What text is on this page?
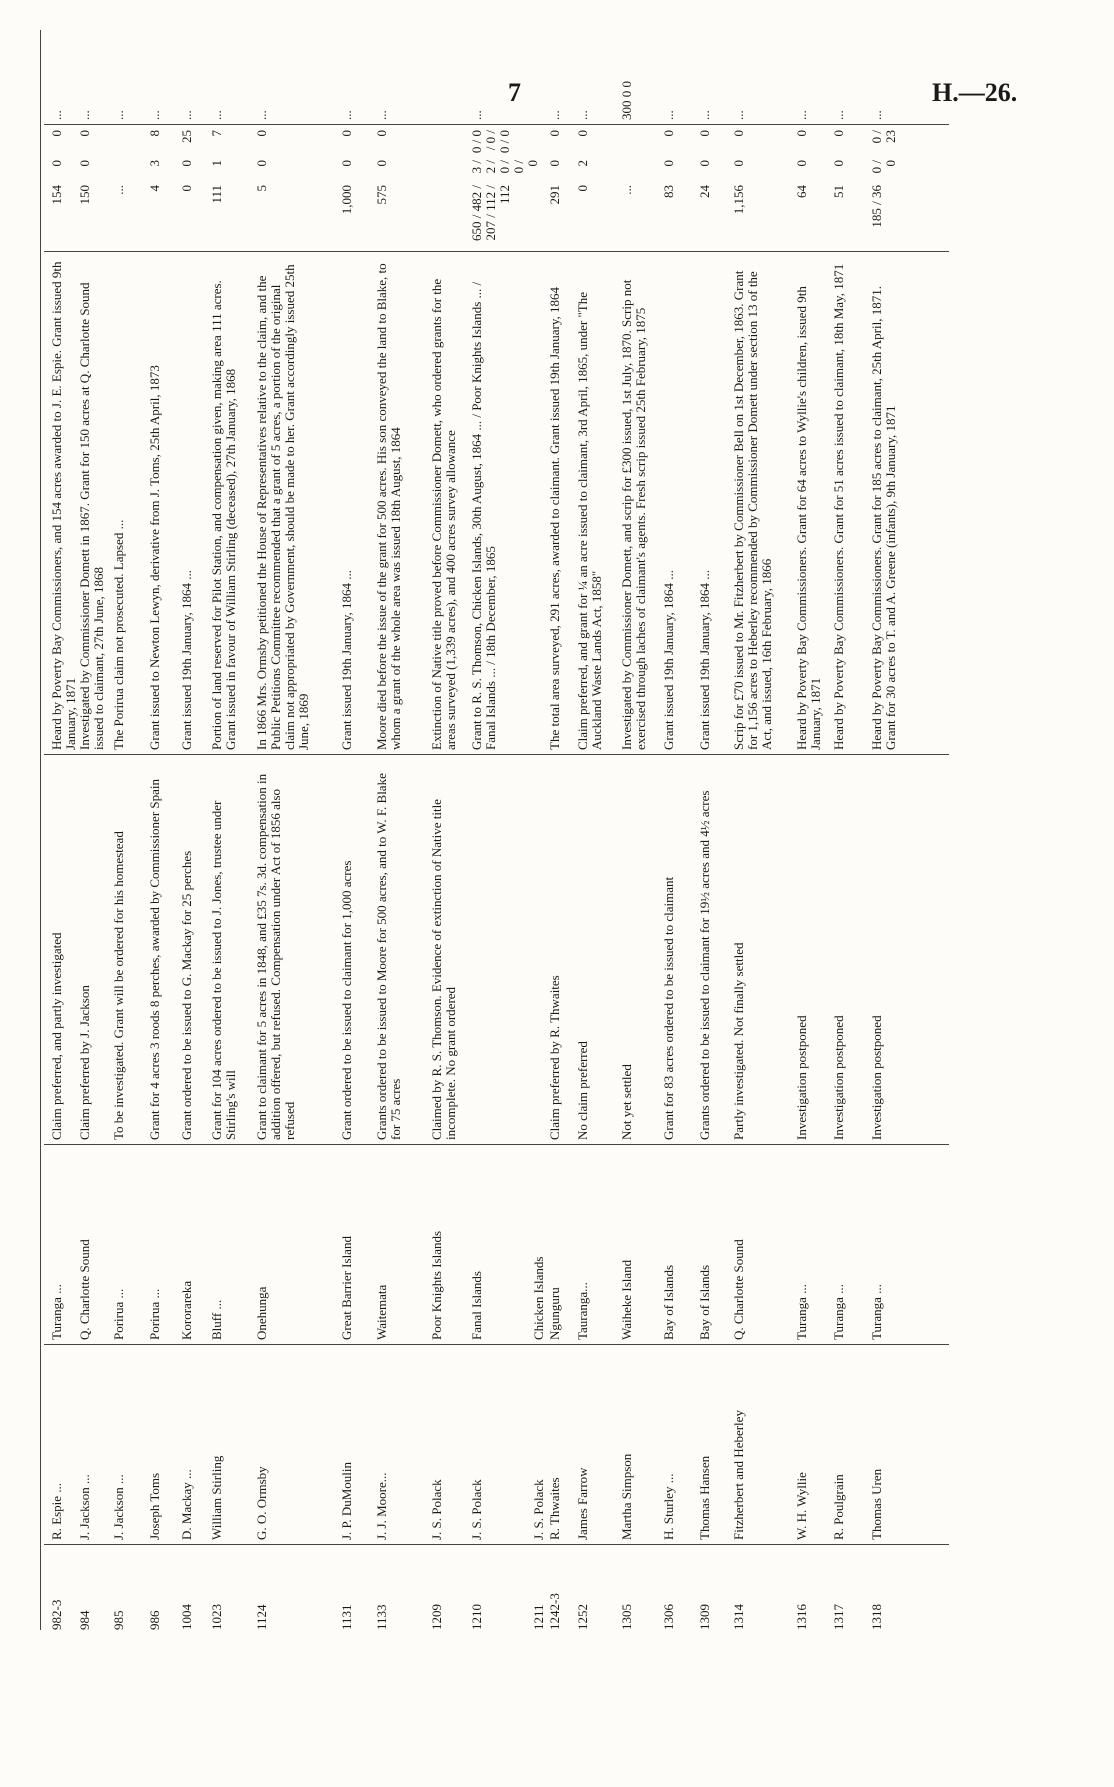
7	H.—26.
982-3
R. Espie ...
Turanga ...
Claim preferred, and partly investigated
Heard by Poverty Bay Commissioners, and 154 acres awarded to J. E. Espie. Grant issued 9th January, 1871
154
0
0
...
984
J. Jackson ...
Q. Charlotte Sound
Claim preferred by J. Jackson
Investigated by Commissioner Domett in 1867. Grant for 150 acres at Q. Charlotte Sound issued to claimant, 27th June, 1868
150
0
0
...
985
J. Jackson ...
Porirua ...
To be investigated. Grant will be ordered for his homestead
The Porirua claim not prosecuted. Lapsed ...
...
...
986
Joseph Toms
Porirua ...
Grant for 4 acres 3 roods 8 perches, awarded by Commissioner Spain
Grant issued to Newton Lewyn, derivative from J. Toms, 25th April, 1873
4
3
8
...
1004
D. Mackay ...
Kororareka
Grant ordered to be issued to G. Mackay for 25 perches
Grant issued 19th January, 1864 ...
0
0
25
...
1023
William Stirling
Bluff ...
Grant for 104 acres ordered to be issued to J. Jones, trustee under Stirling's will
Portion of land reserved for Pilot Station, and compensation given, making area 111 acres. Grant issued in favour of William Stirling (deceased), 27th January, 1868
111
1
7
...
1124
G. O. Ormsby
Onehunga
Grant to claimant for 5 acres in 1848, and £35 7s. 3d. compensation in addition offered, but refused. Compensation under Act of 1856 also refused
In 1866 Mrs. Ormsby petitioned the House of Representatives relative to the claim, and the Public Petitions Committee recommended that a grant of 5 acres, a portion of the original claim not appropriated by Government, should be made to her. Grant accordingly issued 25th June, 1869
5
0
0
...
1131
J. P. DuMoulin
Great Barrier Island
Grant ordered to be issued to claimant for 1,000 acres
Grant issued 19th January, 1864 ...
1,000
0
0
...
1133
J. J. Moore...
Waitemata
Grants ordered to be issued to Moore for 500 acres, and to W. F. Blake for 75 acres
Moore died before the issue of the grant for 500 acres. His son conveyed the land to Blake, to whom a grant of the whole area was issued 18th August, 1864
575
0
0
...
1209
J. S. Polack
Poor Knights Islands
Claimed by R. S. Thomson. Evidence of extinction of Native title incomplete. No grant ordered
Extinction of Native title proved before Commissioner Domett, who ordered grants for the areas surveyed (1,339 acres), and 400 acres survey allowance
1210
J. S. Polack
Fanal Islands
Grant to R. S. Thomson, Chicken Islands, 30th August, 1864 ... / Poor Knights Islands ... / Fanal Islands ... / 18th December, 1865
650 / 482 / 207 / 112 / 112
3 / 2 / 0 / 0 / 0
0 / 0 / 0 / 0 / 0
...
1211
J. S. Polack
Chicken Islands
1242-3
R. Thwaites
Ngunguru
Claim preferred by R. Thwaites
The total area surveyed, 291 acres, awarded to claimant. Grant issued 19th January, 1864
291
0
0
...
1252
James Farrow
Tauranga...
No claim preferred
Claim preferred, and grant for ¼ an acre issued to claimant, 3rd April, 1865, under "The Auckland Waste Lands Act, 1858"
0
2
0
...
1305
Martha Simpson
Waiheke Island
Not yet settled
Investigated by Commissioner Domett, and scrip for £300 issued, 1st July, 1870. Scrip not exercised through laches of claimant's agents. Fresh scrip issued 25th February, 1875
...
300 0 0
1306
H. Sturley ...
Bay of Islands
Grant for 83 acres ordered to be issued to claimant
Grant issued 19th January, 1864 ...
83
0
0
...
1309
Thomas Hansen
Bay of Islands
Grants ordered to be issued to claimant for 19½ acres and 4½ acres
Grant issued 19th January, 1864 ...
24
0
0
...
1314
Fitzherbert and Heberley
Q. Charlotte Sound
Partly investigated. Not finally settled
Scrip for £70 issued to Mr. Fitzherbert by Commissioner Bell on 1st December, 1863. Grant for 1,156 acres to Heberley recommended by Commissioner Domett under section 13 of the Act, and issued, 16th February, 1866
1,156
0
0
...
1316
W. H. Wyllie
Turanga ...
Investigation postponed
Heard by Poverty Bay Commissioners. Grant for 64 acres to Wyllie's children, issued 9th January, 1871
64
0
0
...
1317
R. Poulgrain
Turanga ...
Investigation postponed
Heard by Poverty Bay Commissioners. Grant for 51 acres issued to claimant, 18th May, 1871
51
0
0
...
1318
Thomas Uren
Turanga ...
Investigation postponed
Heard by Poverty Bay Commissioners. Grant for 185 acres to claimant, 25th April, 1871. Grant for 30 acres to T. and A. Greene (infants), 9th January, 1871
185 / 36
0 / 0
0 / 23
...
